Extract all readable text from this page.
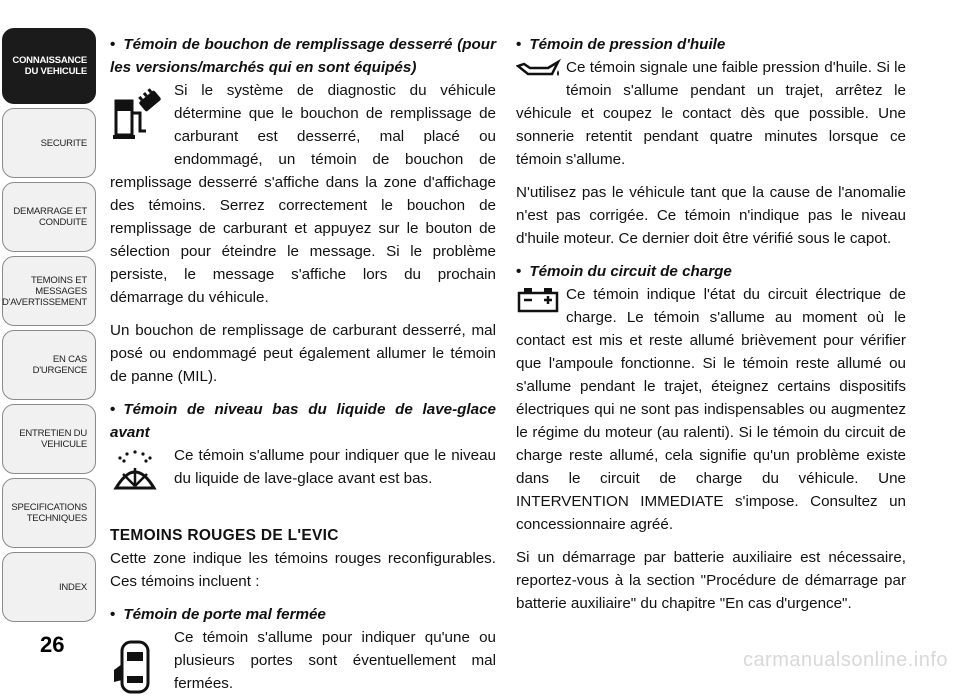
CONNAISSANCE DU VEHICULE
SECURITE
DEMARRAGE ET CONDUITE
TEMOINS ET MESSAGES D'AVERTISSEMENT
EN CAS D'URGENCE
ENTRETIEN DU VEHICULE
SPECIFICATIONS TECHNIQUES
INDEX
26

• Témoin de bouchon de remplissage desserré (pour les versions/marchés qui en sont équipés)

Si le système de diagnostic du véhicule détermine que le bouchon de remplissage de carburant est desserré, mal placé ou endommagé, un témoin de bouchon de remplissage desserré s'affiche dans la zone d'affichage des témoins. Serrez correctement le bouchon de remplissage de carburant et appuyez sur le bouton de sélection pour éteindre le message. Si le problème persiste, le message s'affiche lors du prochain démarrage du véhicule.

Un bouchon de remplissage de carburant desserré, mal posé ou endommagé peut également allumer le témoin de panne (MIL).

• Témoin de niveau bas du liquide de lave-glace avant

Ce témoin s'allume pour indiquer que le niveau du liquide de lave-glace avant est bas.

TEMOINS ROUGES DE L'EVIC

Cette zone indique les témoins rouges reconfigurables. Ces témoins incluent :

• Témoin de porte mal fermée

Ce témoin s'allume pour indiquer qu'une ou plusieurs portes sont éventuellement mal fermées.

• Témoin de pression d'huile

Ce témoin signale une faible pression d'huile. Si le témoin s'allume pendant un trajet, arrêtez le véhicule et coupez le contact dès que possible. Une sonnerie retentit pendant quatre minutes lorsque ce témoin s'allume.

N'utilisez pas le véhicule tant que la cause de l'anomalie n'est pas corrigée. Ce témoin n'indique pas le niveau d'huile moteur. Ce dernier doit être vérifié sous le capot.

• Témoin du circuit de charge

Ce témoin indique l'état du circuit électrique de charge. Le témoin s'allume au moment où le contact est mis et reste allumé brièvement pour vérifier que l'ampoule fonctionne. Si le témoin reste allumé ou s'allume pendant le trajet, éteignez certains dispositifs électriques qui ne sont pas indispensables ou augmentez le régime du moteur (au ralenti). Si le témoin du circuit de charge reste allumé, cela signifie qu'un problème existe dans le circuit de charge du véhicule. Une INTERVENTION IMMEDIATE s'impose. Consultez un concessionnaire agréé.

Si un démarrage par batterie auxiliaire est nécessaire, reportez-vous à la section "Procédure de démarrage par batterie auxiliaire" du chapitre "En cas d'urgence".

carmanualsonline.info
